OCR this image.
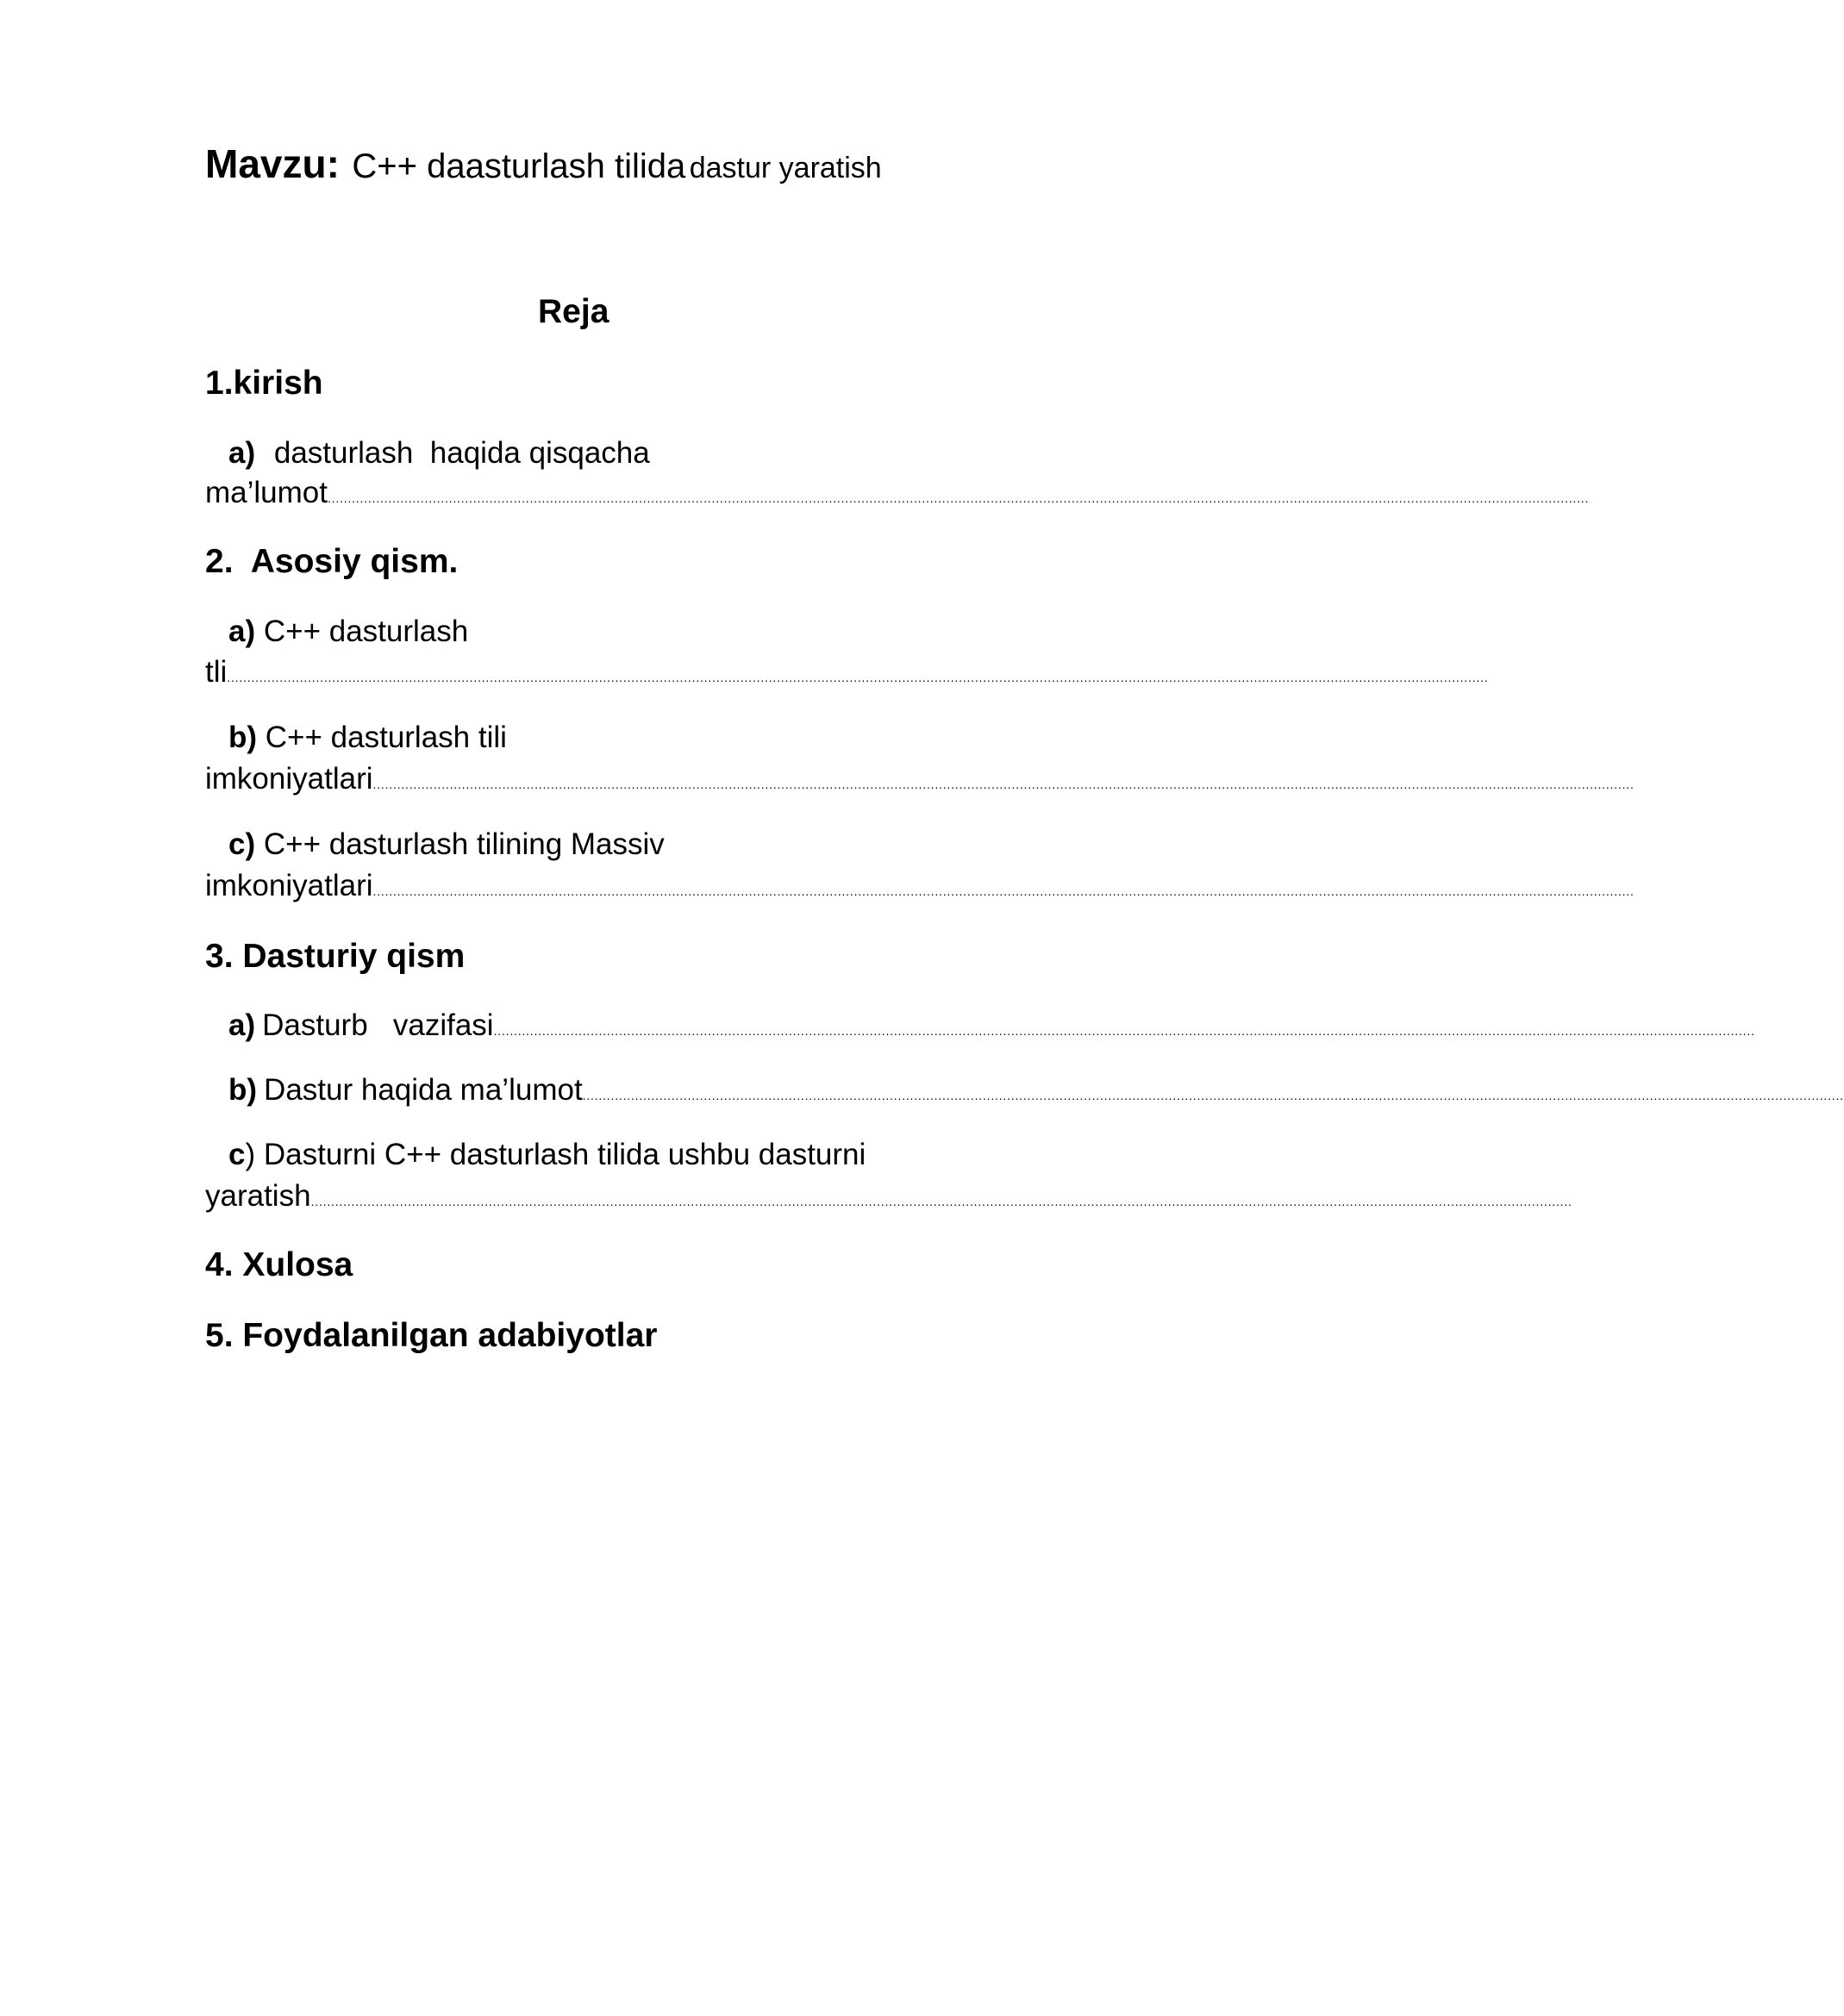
Mavzu: C++ daasturlash tilida dastur yaratish
Reja
1.kirish
a) dasturlash  haqida qisqacha
ma’lumot ........................................................................................................................................................................................................................................................................................................................
2.  Asosiy qism.
a) C++ dasturlash
tli ........................................................................................................................................................................................................................................................................................................................
b) C++ dasturlash tili
imkoniyatlari ........................................................................................................................................................................................................................................................................................................................
c) C++ dasturlash tilining Massiv
imkoniyatlari ........................................................................................................................................................................................................................................................................................................................
3. Dasturiy qism
a) Dasturb   vazifasi ........................................................................................................................................................................................................................................................................................................................
b) Dastur haqida ma’lumot ........................................................................................................................................................................................................................................................................................................................
c) Dasturni C++ dasturlash tilida ushbu dasturni
yaratish ........................................................................................................................................................................................................................................................................................................................
4. Xulosa
5. Foydalanilgan adabiyotlar
